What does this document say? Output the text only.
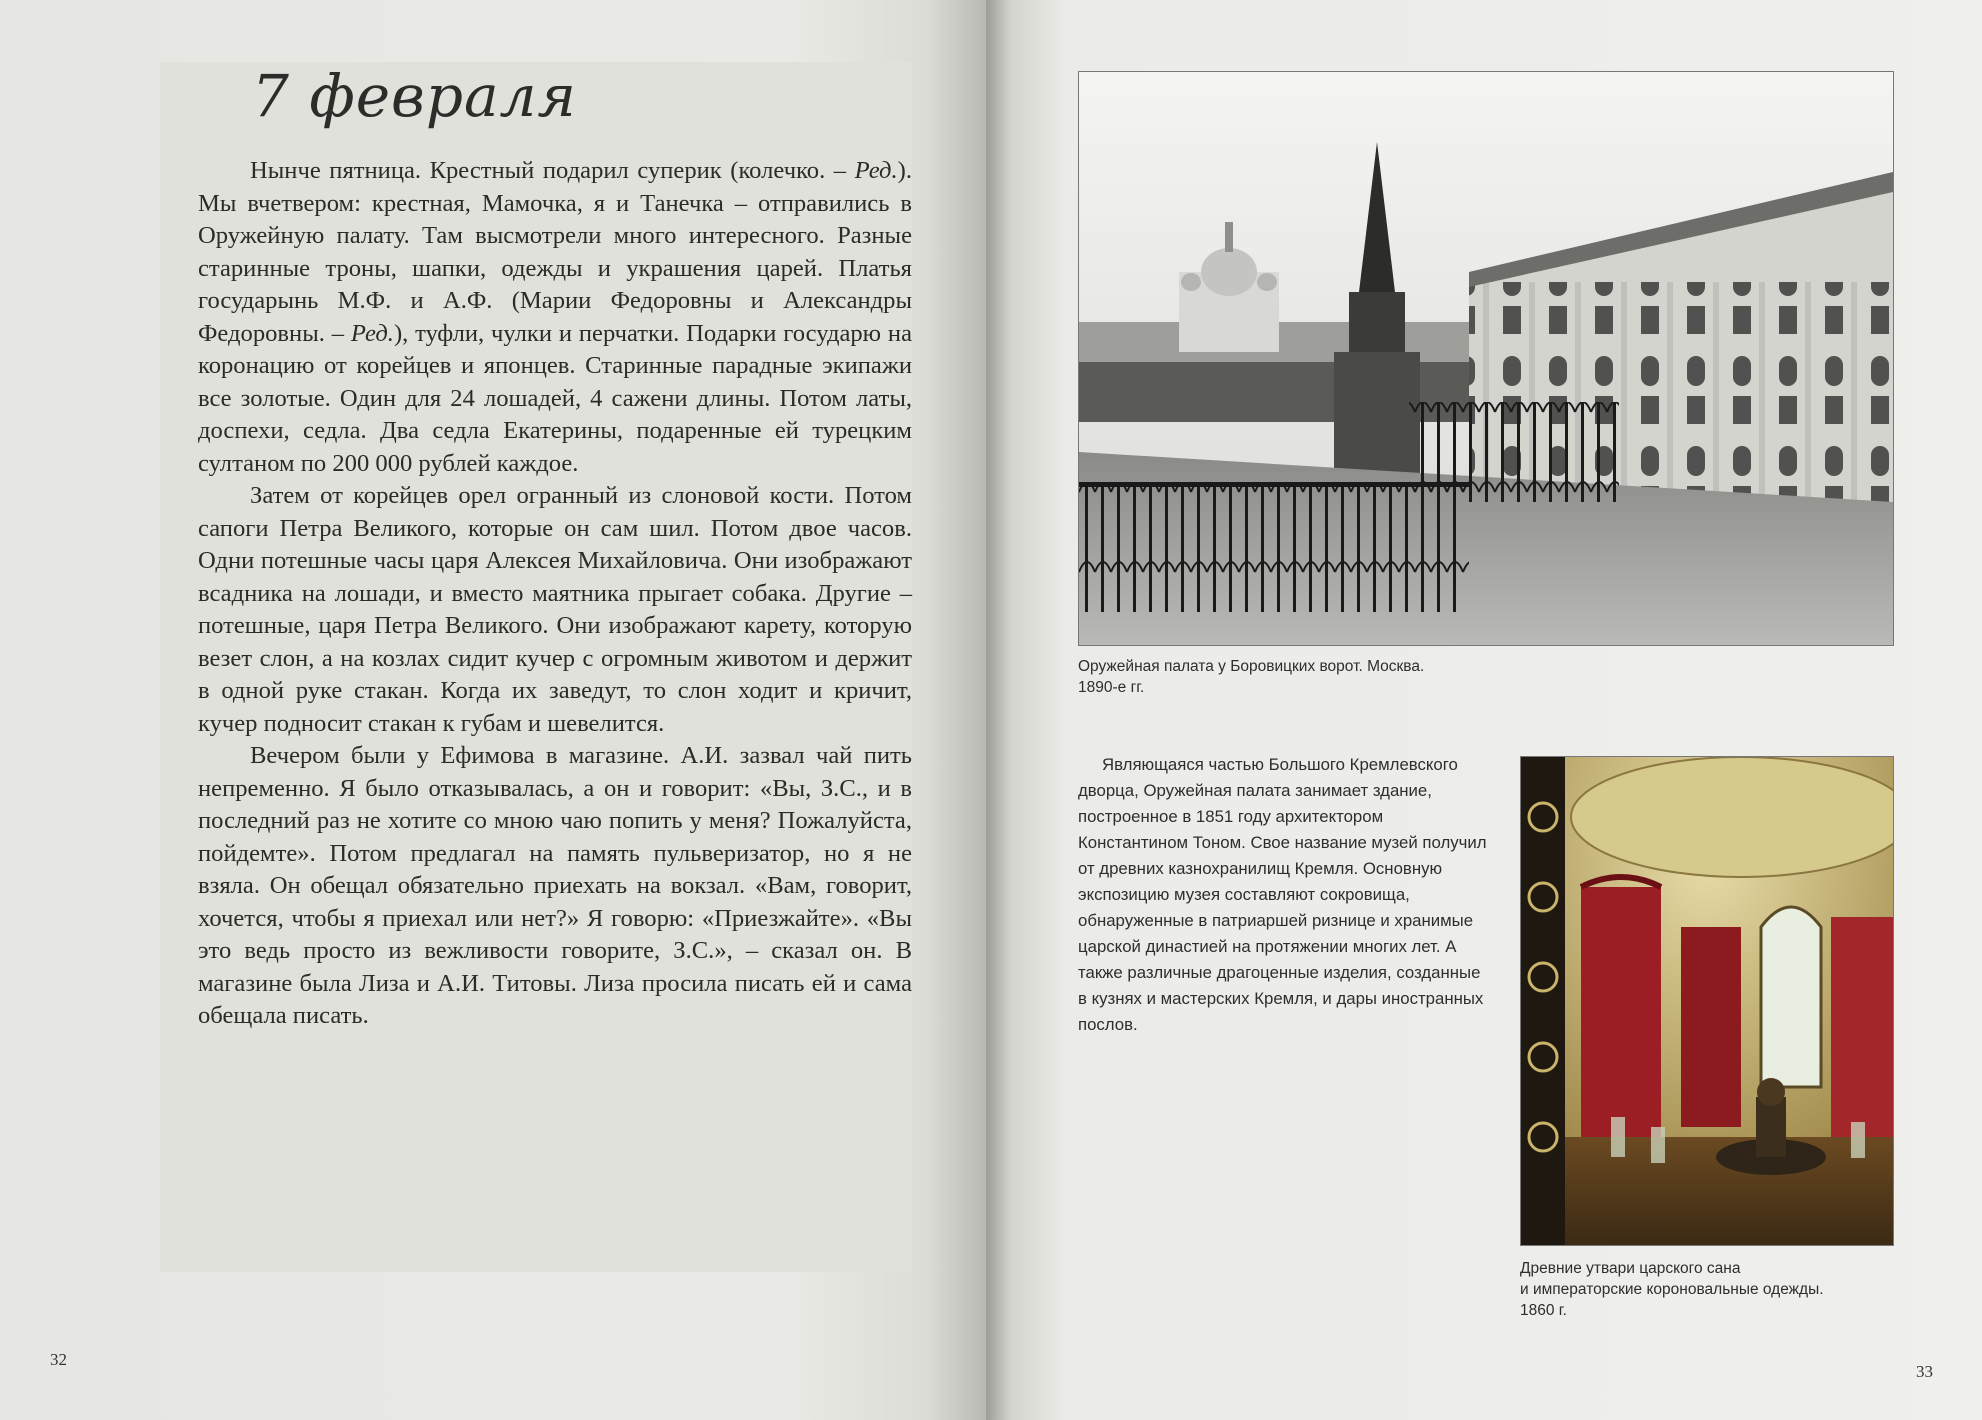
7 февраля

Нынче пятница. Крестный подарил суперик (колечко. – Ред.). Мы вчетвером: крестная, Мамочка, я и Танечка – отправились в Оружейную палату. Там высмотрели много интересного. Разные старинные троны, шапки, одежды и украшения царей. Платья государынь М.Ф. и А.Ф. (Марии Федоровны и Александры Федоровны. – Ред.), туфли, чулки и перчатки. Подарки государю на коронацию от корейцев и японцев. Старинные парадные экипажи все золотые. Один для 24 лошадей, 4 сажени длины. Потом латы, доспехи, седла. Два седла Екатерины, подаренные ей турецким султаном по 200 000 рублей каждое.

Затем от корейцев орел огранный из слоновой кости. Потом сапоги Петра Великого, которые он сам шил. Потом двое часов. Одни потешные часы царя Алексея Михайловича. Они изображают всадника на лошади, и вместо маятника прыгает собака. Другие – потешные, царя Петра Великого. Они изображают карету, которую везет слон, а на козлах сидит кучер с огромным животом и держит в одной руке стакан. Когда их заведут, то слон ходит и кричит, кучер подносит стакан к губам и шевелится.

Вечером были у Ефимова в магазине. А.И. зазвал чай пить непременно. Я было отказывалась, а он и говорит: «Вы, З.С., и в последний раз не хотите со мною чаю попить у меня? Пожалуйста, пойдемте». Потом предлагал на память пульверизатор, но я не взяла. Он обещал обязательно приехать на вокзал. «Вам, говорит, хочется, чтобы я приехал или нет?» Я говорю: «Приезжайте». «Вы это ведь просто из вежливости говорите, З.С.», – сказал он. В магазине была Лиза и А.И. Титовы. Лиза просила писать ей и сама обещала писать.

32
Оружейная палата у Боровицких ворот. Москва.
1890-е гг.

Являющаяся частью Большого Кремлевского дворца, Оружейная палата занимает здание, построенное в 1851 году архитектором Константином Тоном. Свое название музей получил от древних казнохранилищ Кремля. Основную экспозицию музея составляют сокровища, обнаруженные в патриаршей ризнице и хранимые царской династией на протяжении многих лет. А также различные драгоценные изделия, созданные в кузнях и мастерских Кремля, и дары иностранных послов.

Древние утвари царского сана
и императорские короновальные одежды.
1860 г.
33
